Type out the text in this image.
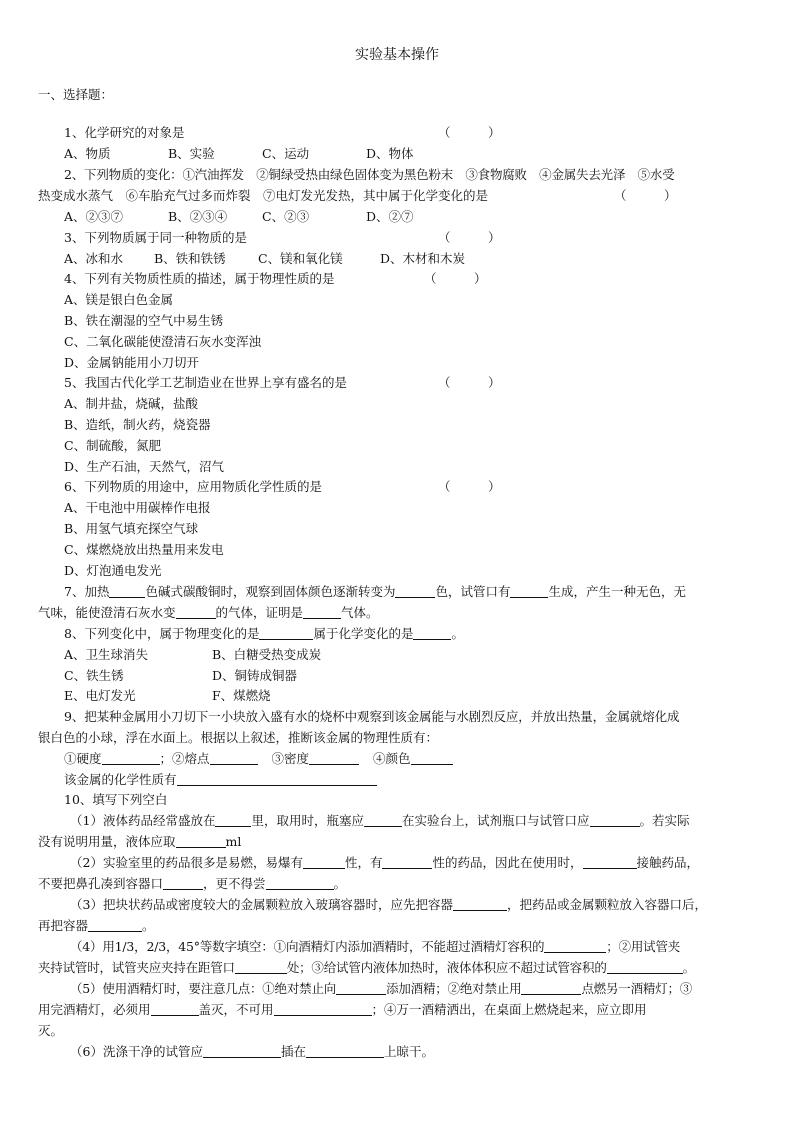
实验基本操作
一、选择题：
1、化学研究的对象是	（　　　）
A、物质	B、实验	C、运动	D、物体
2、下列物质的变化：①汽油挥发　②铜绿受热由绿色固体变为黑色粉末　③食物腐败　④金属失去光泽　⑤水受
热变成水蒸气　⑥车胎充气过多而炸裂　⑦电灯发光发热，其中属于化学变化的是	（　　　）
A、②③⑦	B、②③④	C、②③	D、②⑦
3、下列物质属于同一种物质的是	（　　　）
A、冰和水 B、铁和铁锈	C、镁和氧化镁	D、木材和木炭
4、下列有关物质性质的描述，属于物理性质的是	（　　　）
A、镁是银白色金属
B、铁在潮湿的空气中易生锈
C、二氧化碳能使澄清石灰水变浑浊
D、金属钠能用小刀切开
5、我国古代化学工艺制造业在世界上享有盛名的是	（　　　）
A、制井盐，烧碱，盐酸
B、造纸，制火药，烧瓷器
C、制硫酸，氮肥
D、生产石油，天然气，沼气
6、下列物质的用途中，应用物质化学性质的是	（　　　）
A、干电池中用碳棒作电报
B、用氢气填充探空气球
C、煤燃烧放出热量用来发电
D、灯泡通电发光
7、加热	色碱式碳酸铜时，观察到固体颜色逐渐转变为	色，试管口有	生成，产生一种无色，无
气味，能使澄清石灰水变	的气体，证明是	气体。
8、下列变化中，属于物理变化的是	属于化学变化的是	。
A、卫生球消失	B、白糖受热变成炭
C、铁生锈	D、铜铸成铜器
E、电灯发光	F、煤燃烧
9、把某种金属用小刀切下一小块放入盛有水的烧杯中观察到该金属能与水剧烈反应，并放出热量，金属就熔化成
银白色的小球，浮在水面上。根据以上叙述，推断该金属的物理性质有：
①硬度	；②熔点	③密度	④颜色
该金属的化学性质有
10、填写下列空白
（1）液体药品经常盛放在	里，取用时，瓶塞应	在实验台上，试剂瓶口与试管口应	。若实际
没有说明用量，液体应取	ml
（2）实验室里的药品很多是易燃，易爆有	性，有	性的药品，因此在使用时，	接触药品，
不要把鼻孔凑到容器口	，更不得尝	。
（3）把块状药品或密度较大的金属颗粒放入玻璃容器时，应先把容器	，把药品或金属颗粒放入容器口后，
再把容器	。
（4）用1/3，2/3，45°等数字填空：①向酒精灯内添加酒精时，不能超过酒精灯容积的	；②用试管夹
夹持试管时，试管夹应夹持在距管口	处；③给试管内液体加热时，液体体积应不超过试管容积的	。
（5）使用酒精灯时，要注意几点：①绝对禁止向	添加酒精；②绝对禁止用	点燃另一酒精灯；③
用完酒精灯，必须用	盖灭，不可用	；④万一酒精洒出，在桌面上燃烧起来，应立即用
灭。
（6）洗涤干净的试管应	插在	上晾干。
